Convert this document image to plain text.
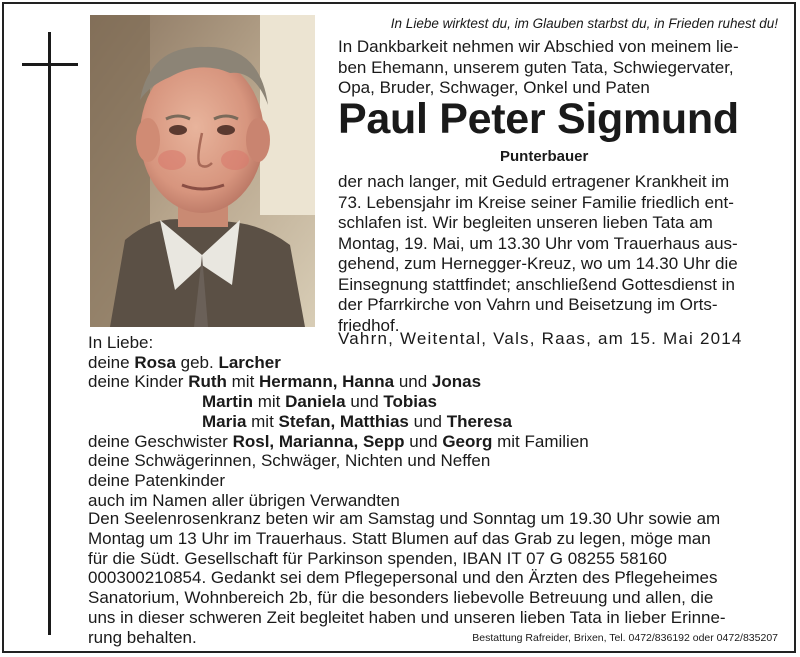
In Liebe wirktest du, im Glauben starbst du, in Frieden ruhest du!
In Dankbarkeit nehmen wir Abschied von meinem lie-
ben Ehemann, unserem guten Tata, Schwiegervater,
Opa, Bruder, Schwager, Onkel und Paten
Paul Peter Sigmund
Punterbauer
der nach langer, mit Geduld ertragener Krankheit im
73. Lebensjahr im Kreise seiner Familie friedlich ent-
schlafen ist. Wir begleiten unseren lieben Tata am
Montag, 19. Mai, um 13.30 Uhr vom Trauerhaus aus-
gehend, zum Hernegger-Kreuz, wo um 14.30 Uhr die
Einsegnung stattfindet; anschließend Gottesdienst in
der Pfarrkirche von Vahrn und Beisetzung im Orts-
friedhof.
Vahrn, Weitental, Vals, Raas, am 15. Mai 2014
In Liebe:
deine Rosa geb. Larcher
deine Kinder Ruth mit Hermann, Hanna und Jonas
Martin mit Daniela und Tobias
Maria mit Stefan, Matthias und Theresa
deine Geschwister Rosl, Marianna, Sepp und Georg mit Familien
deine Schwägerinnen, Schwäger, Nichten und Neffen
deine Patenkinder
auch im Namen aller übrigen Verwandten
Den Seelenrosenkranz beten wir am Samstag und Sonntag um 19.30 Uhr sowie am
Montag um 13 Uhr im Trauerhaus. Statt Blumen auf das Grab zu legen, möge man
für die Südt. Gesellschaft für Parkinson spenden, IBAN IT 07 G 08255 58160
000300210854. Gedankt sei dem Pflegepersonal und den Ärzten des Pflegeheimes
Sanatorium, Wohnbereich 2b, für die besonders liebevolle Betreuung und allen, die
uns in dieser schweren Zeit begleitet haben und unseren lieben Tata in lieber Erinne-
rung behalten.	Bestattung Rafreider, Brixen, Tel. 0472/836192 oder 0472/835207
